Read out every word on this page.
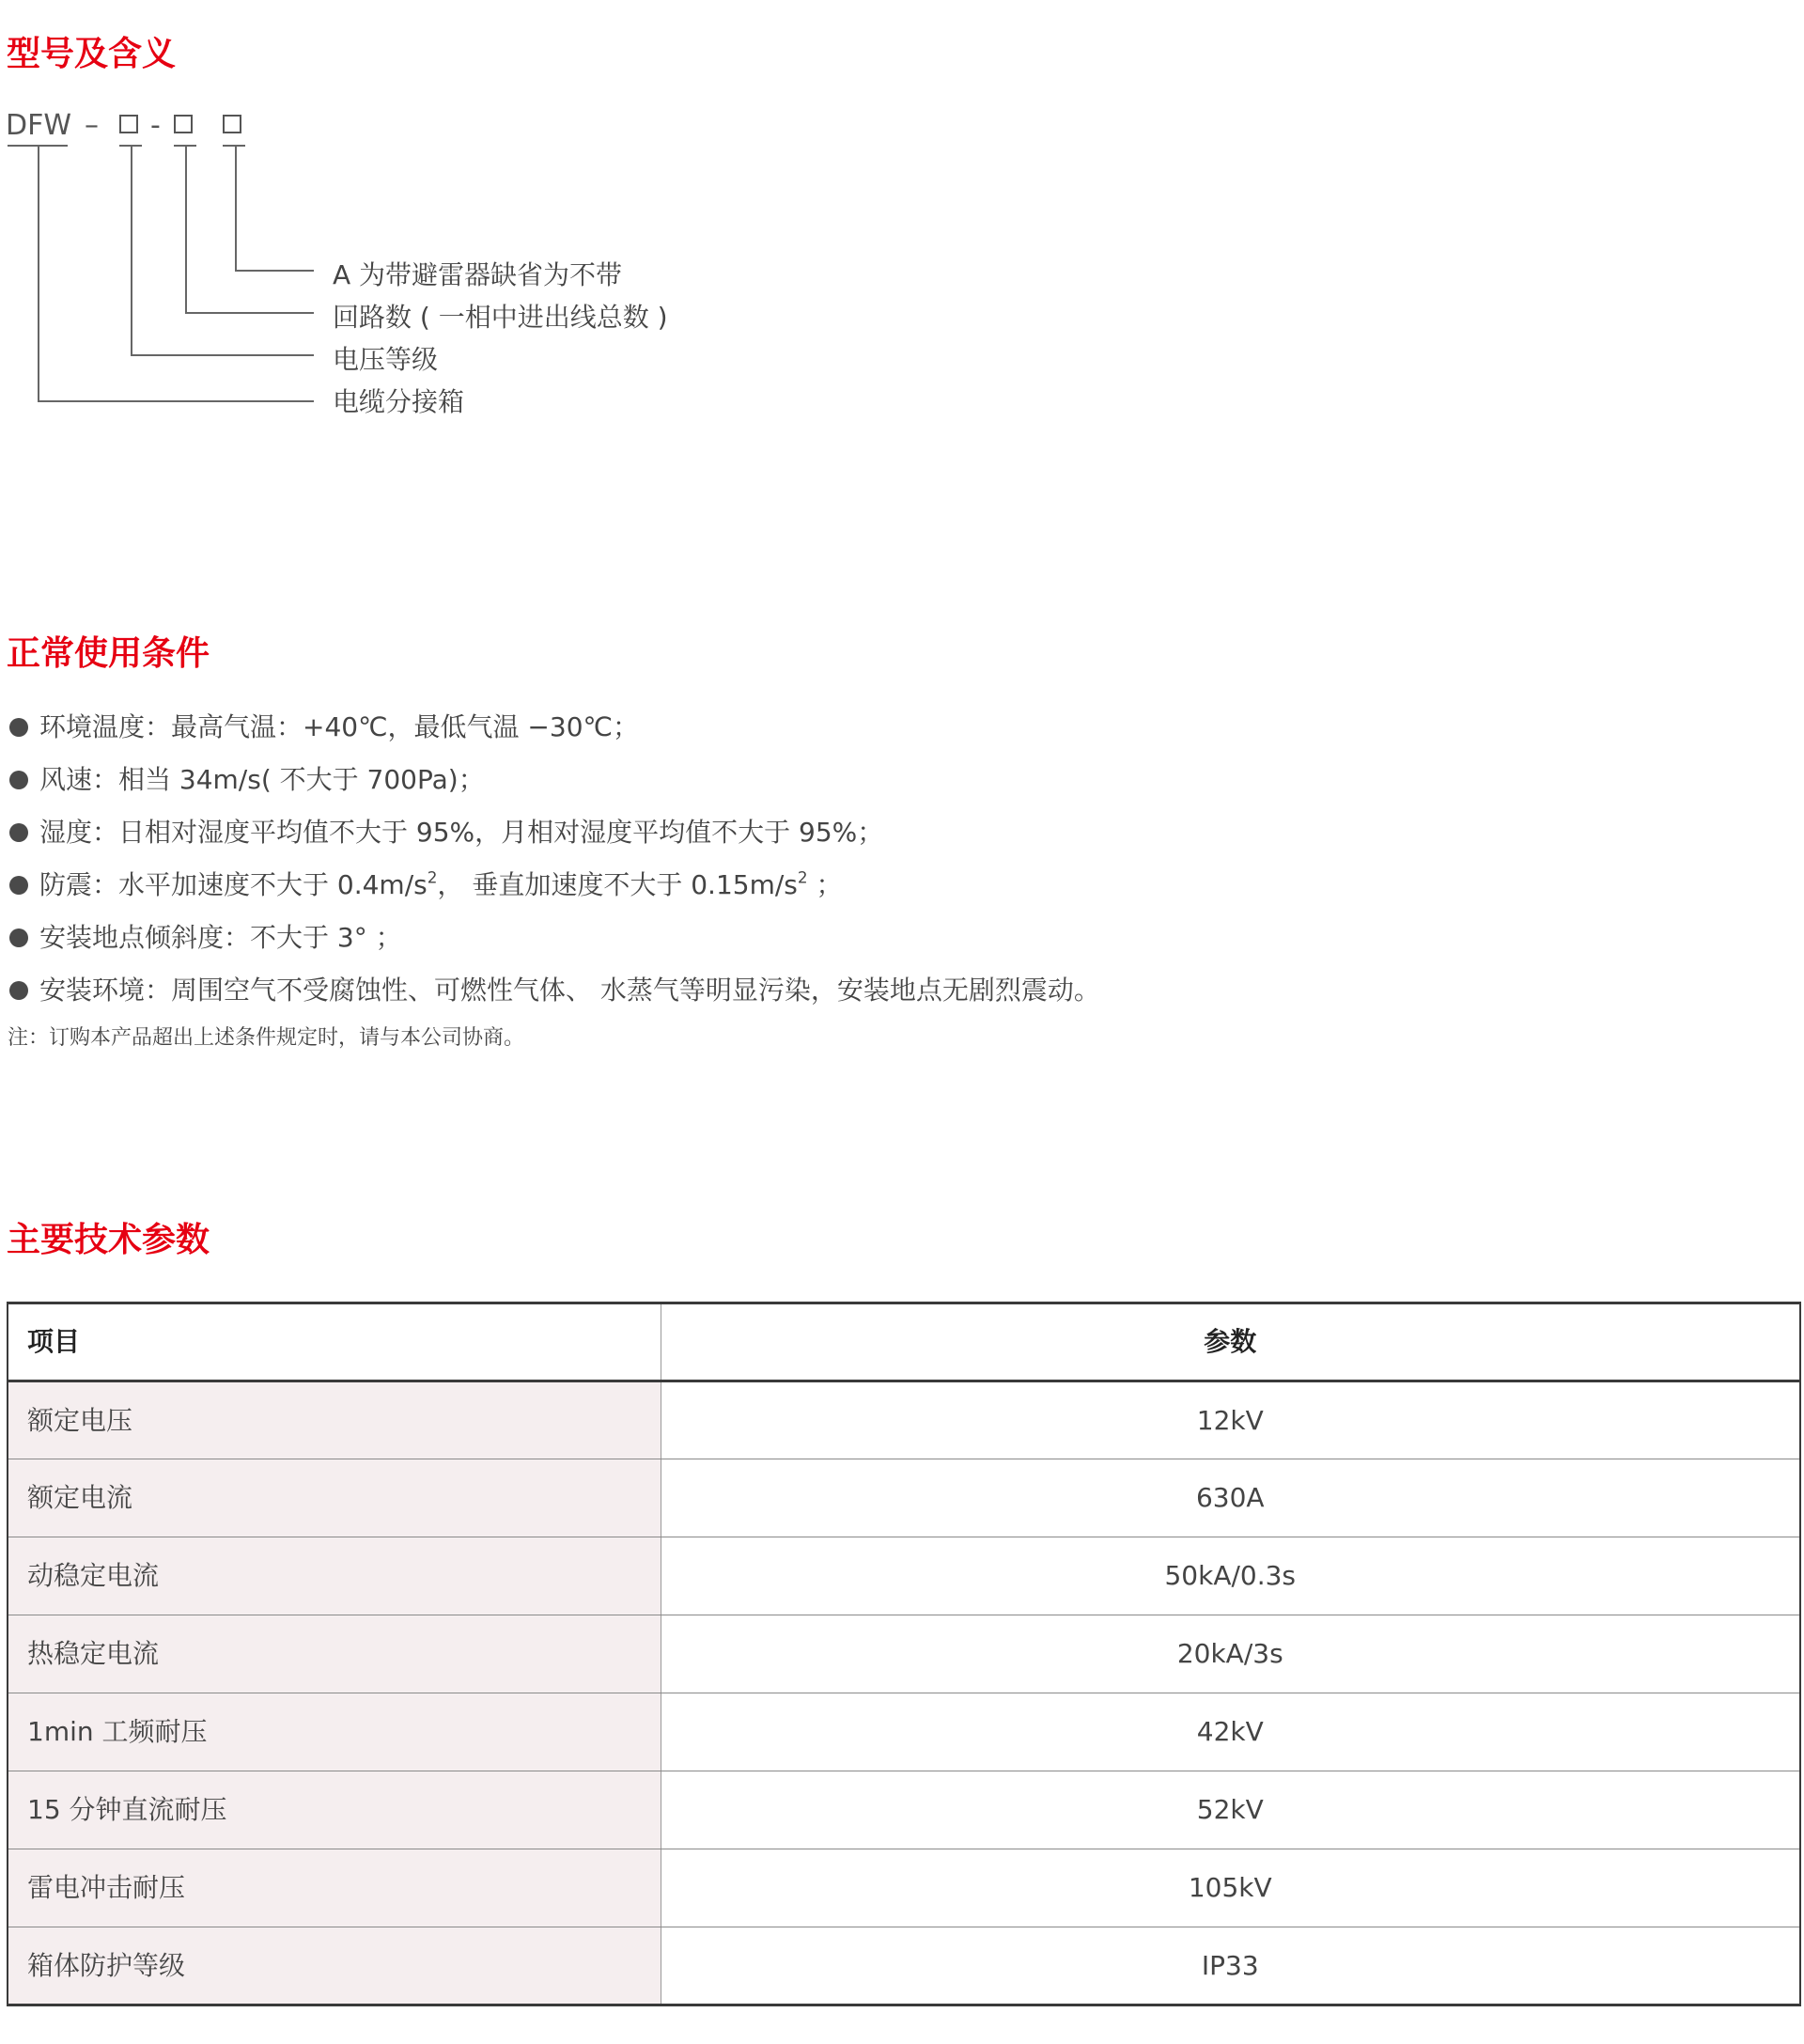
型号及含义
DFW – -
A 为带避雷器缺省为不带
回路数 ( 一相中进出线总数 )
电压等级
电缆分接箱
正常使用条件
环境温度：最高气温：+40℃，最低气温 −30℃；
风速：相当 34m/s( 不大于 700Pa)；
湿度：日相对湿度平均值不大于 95%，月相对湿度平均值不大于 95%；
防震：水平加速度不大于 $0.4m/s^2$， 垂直加速度不大于 $0.15m/s^2$ ；
安装地点倾斜度：不大于 3° ；
安装环境：周围空气不受腐蚀性、可燃性气体、 水蒸气等明显污染，安装地点无剧烈震动。
注：订购本产品超出上述条件规定时，请与本公司协商。
主要技术参数
项目	参数
额定电压	12kV
额定电流	630A
动稳定电流	50kA/0.3s
热稳定电流	20kA/3s
1min 工频耐压	42kV
15 分钟直流耐压	52kV
雷电冲击耐压	105kV
箱体防护等级	IP33
